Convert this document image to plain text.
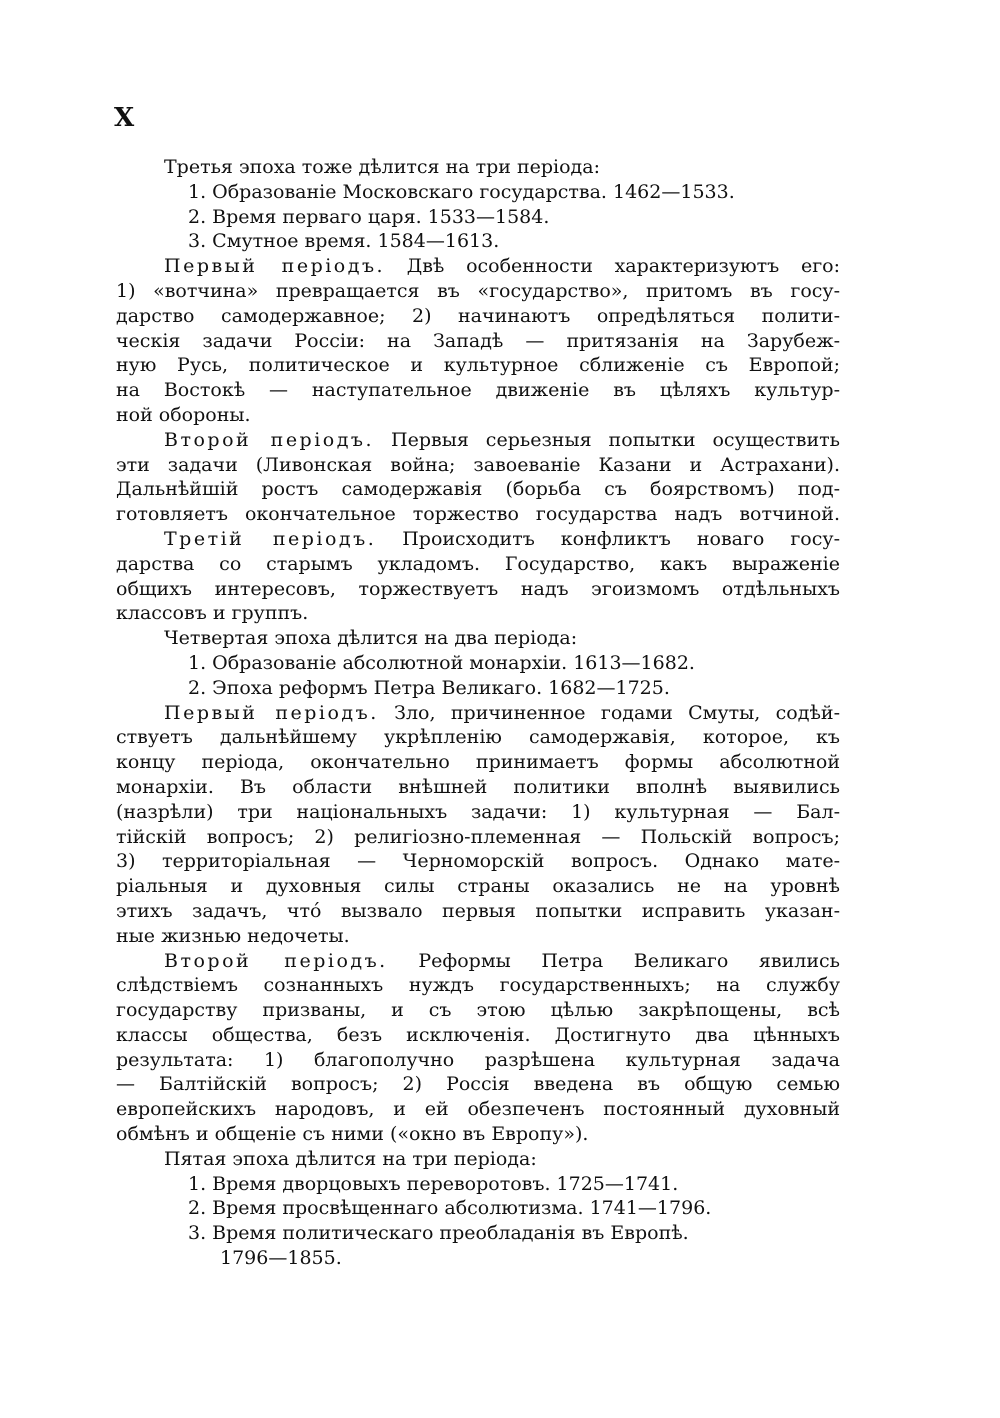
X
Третья эпоха тоже дѣлится на три періода:
1. Образованіе Московскаго государства. 1462—1533.
2. Время перваго царя. 1533—1584.
3. Смутное время. 1584—1613.
Первый періодъ. Двѣ особенности характеризуютъ его:
1) «вотчина» превращается въ «государство», притомъ въ госу-
дарство самодержавное; 2) начинаютъ опредѣляться полити-
ческія задачи Россіи: на Западѣ — притязанія на Зарубеж-
ную Русь, политическое и культурное сближеніе съ Европой;
на Востокѣ — наступательное движеніе въ цѣляхъ культур-
ной обороны.
Второй періодъ. Первыя серьезныя попытки осуществить
эти задачи (Ливонская война; завоеваніе Казани и Астрахани).
Дальнѣйшій ростъ самодержавія (борьба съ боярствомъ) под-
готовляетъ окончательное торжество государства надъ вотчиной.
Третій періодъ. Происходитъ конфликтъ новаго госу-
дарства со старымъ укладомъ. Государство, какъ выраженіе
общихъ интересовъ, торжествуетъ надъ эгоизмомъ отдѣльныхъ
классовъ и группъ.
Четвертая эпоха дѣлится на два періода:
1. Образованіе абсолютной монархіи. 1613—1682.
2. Эпоха реформъ Петра Великаго. 1682—1725.
Первый періодъ. Зло, причиненное годами Смуты, содѣй-
ствуетъ дальнѣйшему укрѣпленію самодержавія, которое, къ
концу періода, окончательно принимаетъ формы абсолютной
монархіи. Въ области внѣшней политики вполнѣ выявились
(назрѣли) три національныхъ задачи: 1) культурная — Бал-
тійскій вопросъ; 2) религіозно-племенная — Польскій вопросъ;
3) территоріальная — Черноморскій вопросъ. Однако мате-
ріальныя и духовныя силы страны оказались не на уровнѣ
этихъ задачъ, что́ вызвало первыя попытки исправить указан-
ные жизнью недочеты.
Второй періодъ. Реформы Петра Великаго явились
слѣдствіемъ сознанныхъ нуждъ государственныхъ; на службу
государству призваны, и съ этою цѣлью закрѣпощены, всѣ
классы общества, безъ исключенія. Достигнуто два цѣнныхъ
результата: 1) благополучно разрѣшена культурная задача
— Балтійскій вопросъ; 2) Россія введена въ общую семью
европейскихъ народовъ, и ей обезпеченъ постоянный духовный
обмѣнъ и общеніе съ ними («окно въ Европу»).
Пятая эпоха дѣлится на три періода:
1. Время дворцовыхъ переворотовъ. 1725—1741.
2. Время просвѣщеннаго абсолютизма. 1741—1796.
3. Время политическаго преобладанія въ Европѣ.
1796—1855.
